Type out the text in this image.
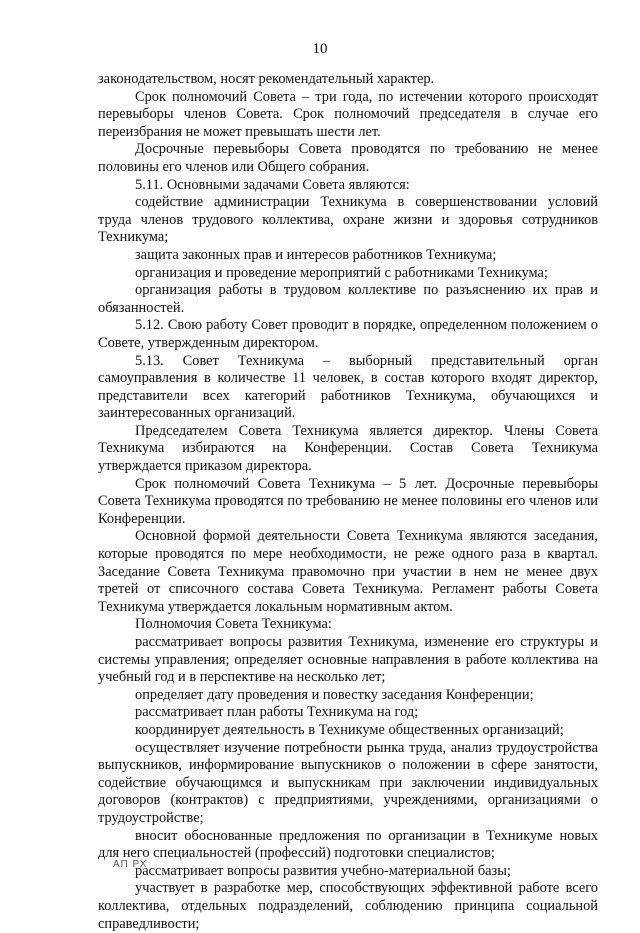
10

законодательством, носят рекомендательный характер.

Срок полномочий Совета – три года, по истечении которого происходят перевыборы членов Совета. Срок полномочий председателя в случае его переизбрания не может превышать шести лет.

Досрочные перевыборы Совета проводятся по требованию не менее половины его членов или Общего собрания.

5.11. Основными задачами Совета являются:

содействие администрации Техникума в совершенствовании условий труда членов трудового коллектива, охране жизни и здоровья сотрудников Техникума;

защита законных прав и интересов работников Техникума;

организация и проведение мероприятий с работниками Техникума;

организация работы в трудовом коллективе по разъяснению их прав и обязанностей.

5.12. Свою работу Совет проводит в порядке, определенном положением о Совете, утвержденным директором.

5.13. Совет Техникума – выборный представительный орган самоуправления в количестве 11 человек, в состав которого входят директор, представители всех категорий работников Техникума, обучающихся и заинтересованных организаций.

Председателем Совета Техникума является директор. Члены Совета Техникума избираются на Конференции. Состав Совета Техникума утверждается приказом директора.

Срок полномочий Совета Техникума – 5 лет. Досрочные перевыборы Совета Техникума проводятся по требованию не менее половины его членов или Конференции.

Основной формой деятельности Совета Техникума являются заседания, которые проводятся по мере необходимости, не реже одного раза в квартал. Заседание Совета Техникума правомочно при участии в нем не менее двух третей от списочного состава Совета Техникума. Регламент работы Совета Техникума утверждается локальным нормативным актом.

Полномочия Совета Техникума:

рассматривает вопросы развития Техникума, изменение его структуры и системы управления; определяет основные направления в работе коллектива на учебный год и в перспективе на несколько лет;

определяет дату проведения и повестку заседания Конференции;

рассматривает план работы Техникума на год;

координирует деятельность в Техникуме общественных организаций;

осуществляет изучение потребности рынка труда, анализ трудоустройства выпускников, информирование выпускников о положении в сфере занятости, содействие обучающимся и выпускникам при заключении индивидуальных договоров (контрактов) с предприятиями, учреждениями, организациями о трудоустройстве;

вносит обоснованные предложения по организации в Техникуме новых для него специальностей (профессий) подготовки специалистов;

рассматривает вопросы развития учебно-материальной базы;

участвует в разработке мер, способствующих эффективной работе всего коллектива, отдельных подразделений, соблюдению принципа социальной справедливости;

АП РХ
